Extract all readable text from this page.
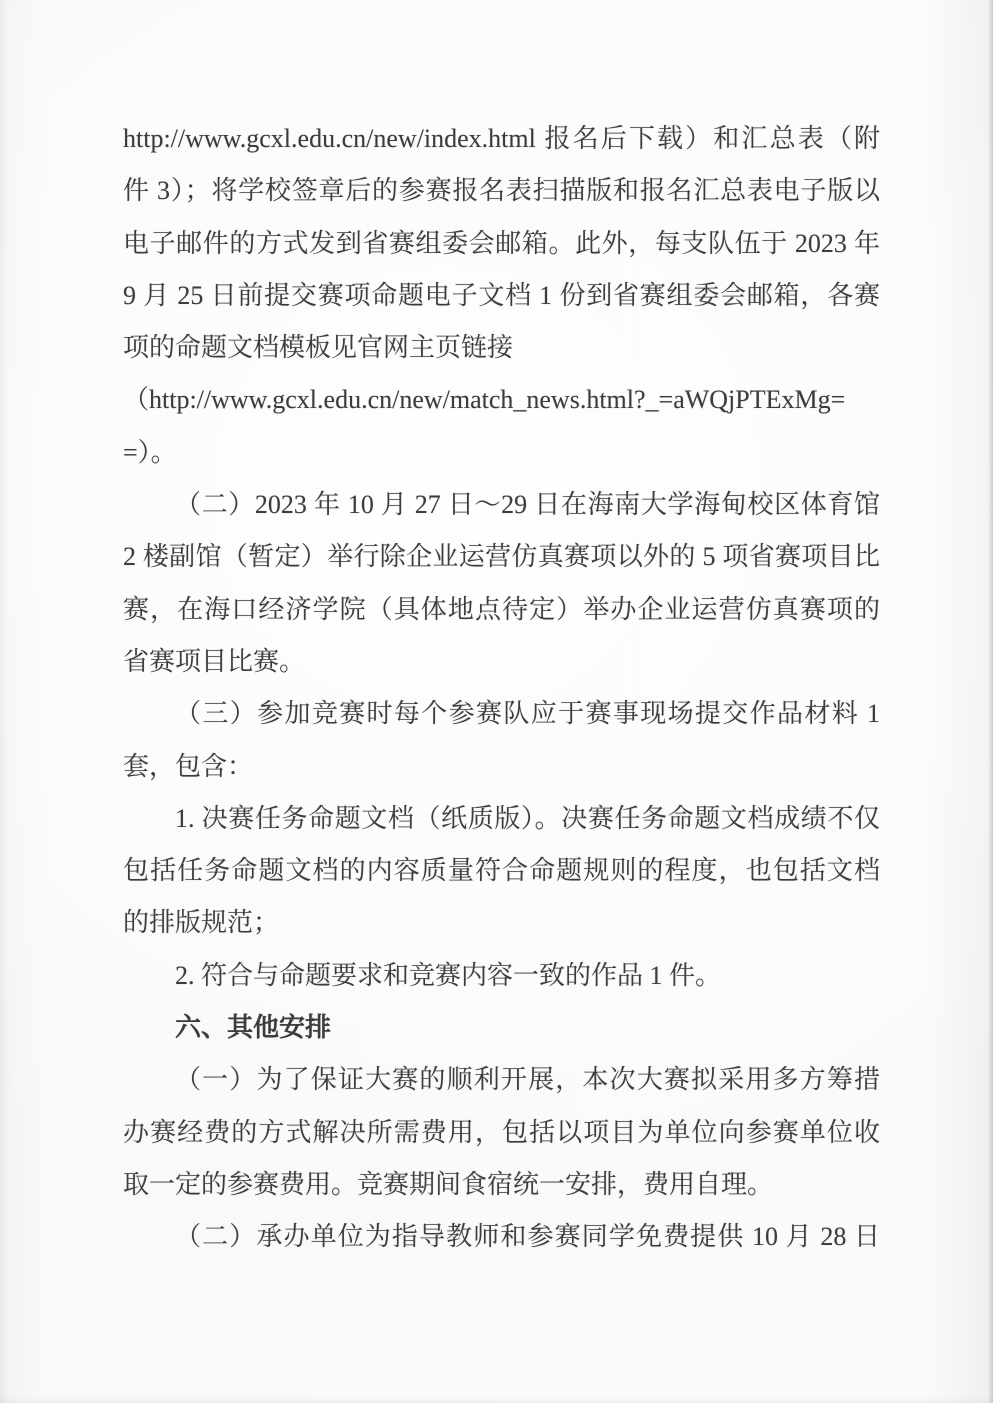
http://www.gcxl.edu.cn/new/index.html 报名后下载）和汇总表（附
件 3）；将学校签章后的参赛报名表扫描版和报名汇总表电子版以
电子邮件的方式发到省赛组委会邮箱。此外，每支队伍于 2023 年
9 月 25 日前提交赛项命题电子文档 1 份到省赛组委会邮箱，各赛
项的命题文档模板见官网主页链接
（http://www.gcxl.edu.cn/new/match_news.html?_=aWQjPTExMg=
=）。
（二）2023 年 10 月 27 日～29 日在海南大学海甸校区体育馆
2 楼副馆（暂定）举行除企业运营仿真赛项以外的 5 项省赛项目比
赛，在海口经济学院（具体地点待定）举办企业运营仿真赛项的
省赛项目比赛。
（三）参加竞赛时每个参赛队应于赛事现场提交作品材料 1
套，包含：
1. 决赛任务命题文档（纸质版）。决赛任务命题文档成绩不仅
包括任务命题文档的内容质量符合命题规则的程度，也包括文档
的排版规范；
2. 符合与命题要求和竞赛内容一致的作品 1 件。
六、其他安排
（一）为了保证大赛的顺利开展，本次大赛拟采用多方筹措
办赛经费的方式解决所需费用，包括以项目为单位向参赛单位收
取一定的参赛费用。竞赛期间食宿统一安排，费用自理。
（二）承办单位为指导教师和参赛同学免费提供 10 月 28 日
